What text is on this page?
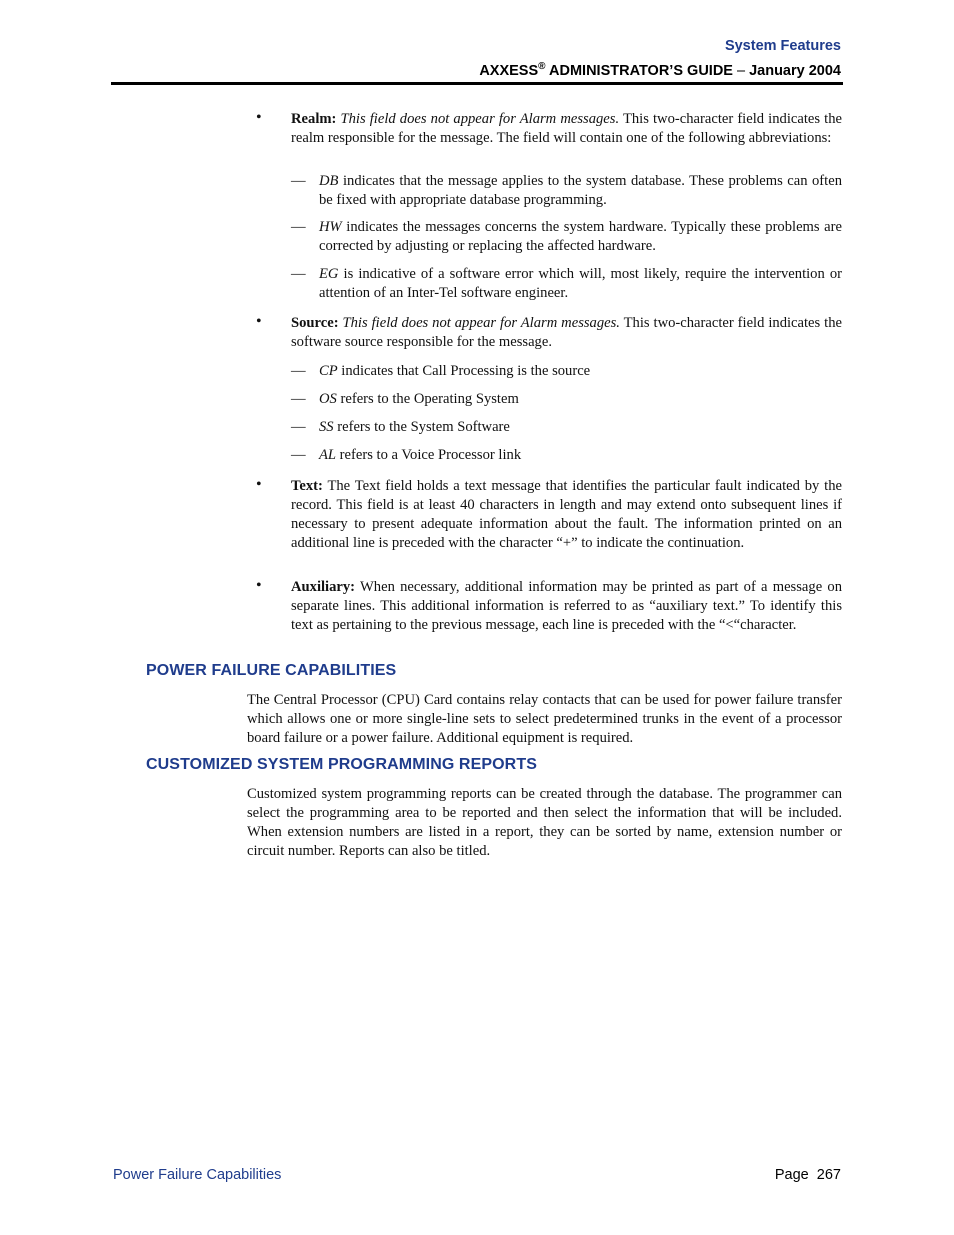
System Features
AXXESS® ADMINISTRATOR’S GUIDE – January 2004
• Realm: This field does not appear for Alarm messages. This two-character field indicates the realm responsible for the message. The field will contain one of the following abbreviations:
— DB indicates that the message applies to the system database. These problems can often be fixed with appropriate database programming.
— HW indicates the messages concerns the system hardware. Typically these problems are corrected by adjusting or replacing the affected hardware.
— EG is indicative of a software error which will, most likely, require the intervention or attention of an Inter-Tel software engineer.
• Source: This field does not appear for Alarm messages. This two-character field indicates the software source responsible for the message.
— CP indicates that Call Processing is the source
— OS refers to the Operating System
— SS refers to the System Software
— AL refers to a Voice Processor link
• Text: The Text field holds a text message that identifies the particular fault indicated by the record. This field is at least 40 characters in length and may extend onto subsequent lines if necessary to present adequate information about the fault. The information printed on an additional line is preceded with the character “+” to indicate the continuation.
• Auxiliary: When necessary, additional information may be printed as part of a message on separate lines. This additional information is referred to as “auxiliary text.” To identify this text as pertaining to the previous message, each line is preceded with the “<“character.
POWER FAILURE CAPABILITIES
The Central Processor (CPU) Card contains relay contacts that can be used for power failure transfer which allows one or more single-line sets to select predetermined trunks in the event of a processor board failure or a power failure. Additional equipment is required.
CUSTOMIZED SYSTEM PROGRAMMING REPORTS
Customized system programming reports can be created through the database. The programmer can select the programming area to be reported and then select the information that will be included. When extension numbers are listed in a report, they can be sorted by name, extension number or circuit number. Reports can also be titled.
Power Failure Capabilities	Page 267
